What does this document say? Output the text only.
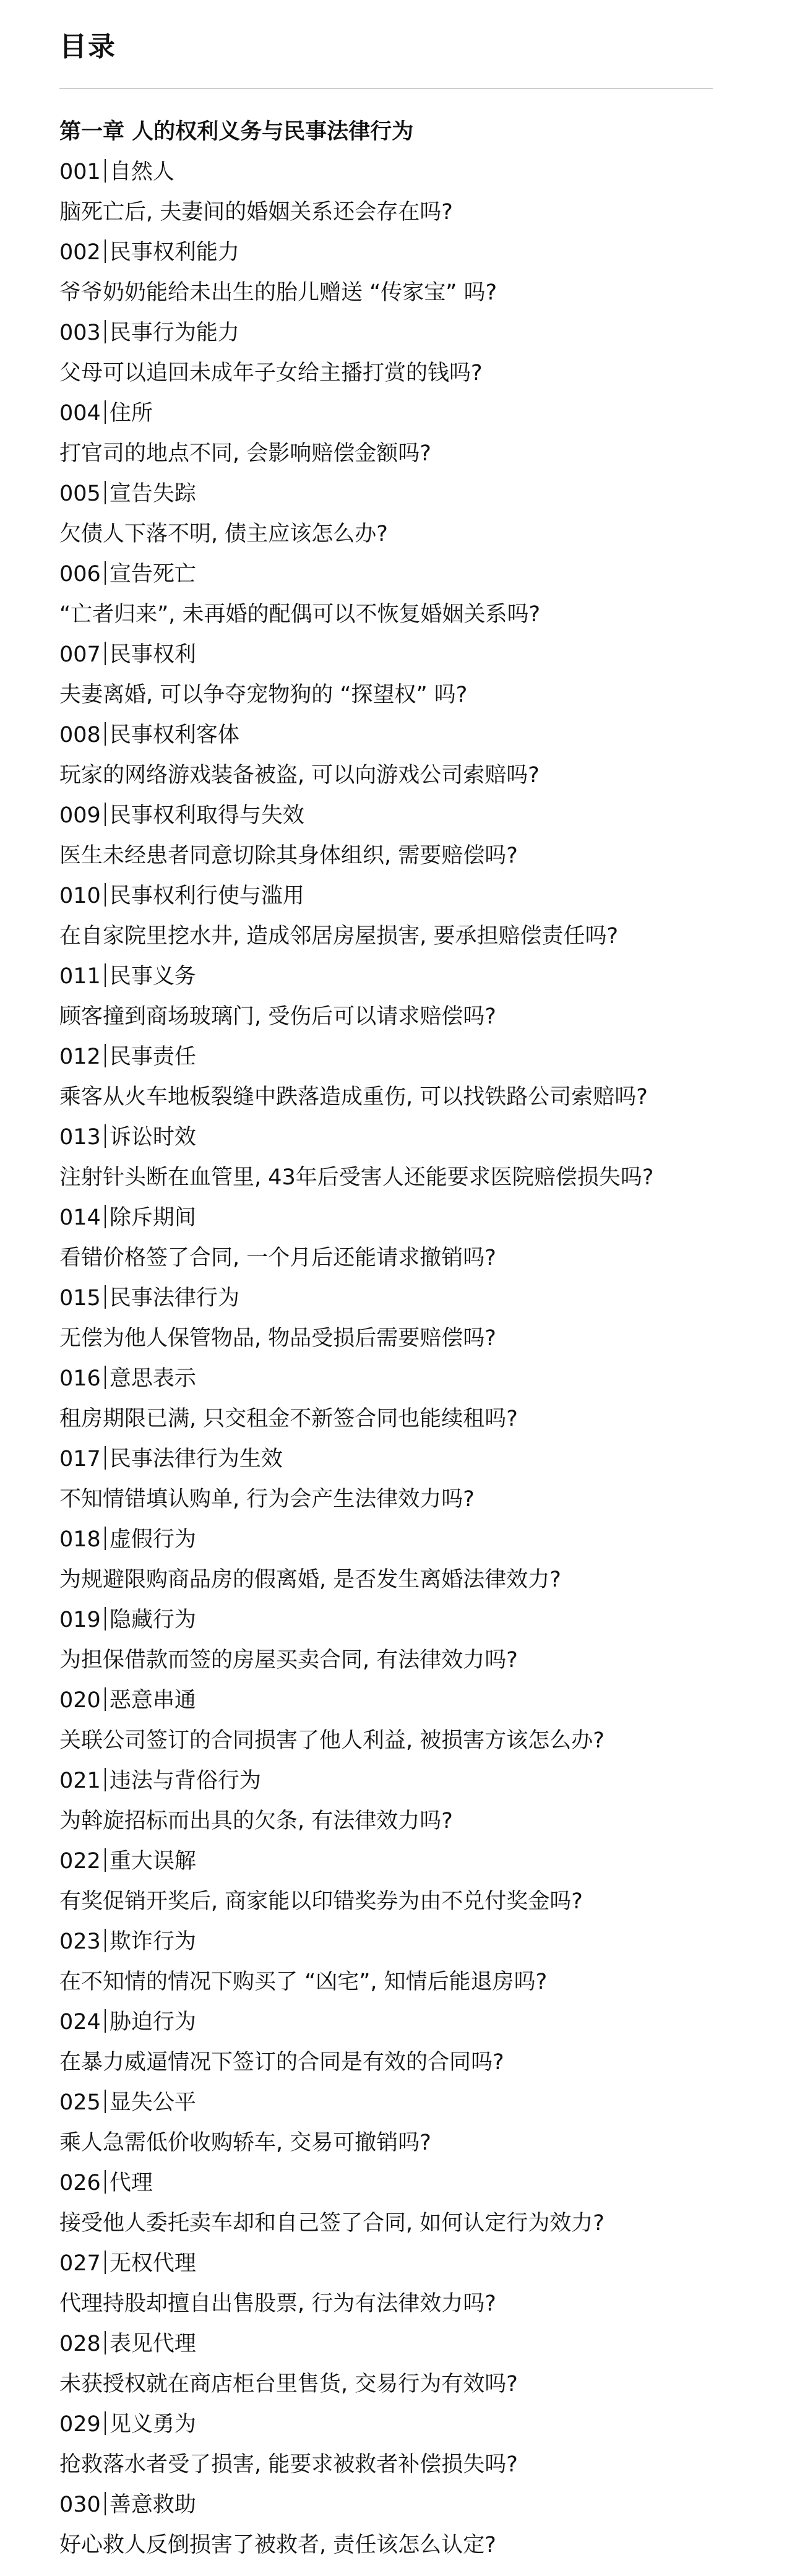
目录
第一章 人的权利义务与民事法律行为
001 自然人
脑死亡后, 夫妻间的婚姻关系还会存在吗?
002 民事权利能力
爷爷奶奶能给未出生的胎儿赠送 “传家宝” 吗?
003 民事行为能力
父母可以追回未成年子女给主播打赏的钱吗?
004 住所
打官司的地点不同, 会影响赔偿金额吗?
005 宣告失踪
欠债人下落不明, 债主应该怎么办?
006 宣告死亡
“亡者归来”, 未再婚的配偶可以不恢复婚姻关系吗?
007 民事权利
夫妻离婚, 可以争夺宠物狗的 “探望权” 吗?
008 民事权利客体
玩家的网络游戏装备被盗, 可以向游戏公司索赔吗?
009 民事权利取得与失效
医生未经患者同意切除其身体组织, 需要赔偿吗?
010 民事权利行使与滥用
在自家院里挖水井, 造成邻居房屋损害, 要承担赔偿责任吗?
011 民事义务
顾客撞到商场玻璃门, 受伤后可以请求赔偿吗?
012 民事责任
乘客从火车地板裂缝中跌落造成重伤, 可以找铁路公司索赔吗?
013 诉讼时效
注射针头断在血管里, 43年后受害人还能要求医院赔偿损失吗?
014 除斥期间
看错价格签了合同, 一个月后还能请求撤销吗?
015 民事法律行为
无偿为他人保管物品, 物品受损后需要赔偿吗?
016 意思表示
租房期限已满, 只交租金不新签合同也能续租吗?
017 民事法律行为生效
不知情错填认购单, 行为会产生法律效力吗?
018 虚假行为
为规避限购商品房的假离婚, 是否发生离婚法律效力?
019 隐藏行为
为担保借款而签的房屋买卖合同, 有法律效力吗?
020 恶意串通
关联公司签订的合同损害了他人利益, 被损害方该怎么办?
021 违法与背俗行为
为斡旋招标而出具的欠条, 有法律效力吗?
022 重大误解
有奖促销开奖后, 商家能以印错奖券为由不兑付奖金吗?
023 欺诈行为
在不知情的情况下购买了 “凶宅”, 知情后能退房吗?
024 胁迫行为
在暴力威逼情况下签订的合同是有效的合同吗?
025 显失公平
乘人急需低价收购轿车, 交易可撤销吗?
026 代理
接受他人委托卖车却和自己签了合同, 如何认定行为效力?
027 无权代理
代理持股却擅自出售股票, 行为有法律效力吗?
028 表见代理
未获授权就在商店柜台里售货, 交易行为有效吗?
029 见义勇为
抢救落水者受了损害, 能要求被救者补偿损失吗?
030 善意救助
好心救人反倒损害了被救者, 责任该怎么认定?
